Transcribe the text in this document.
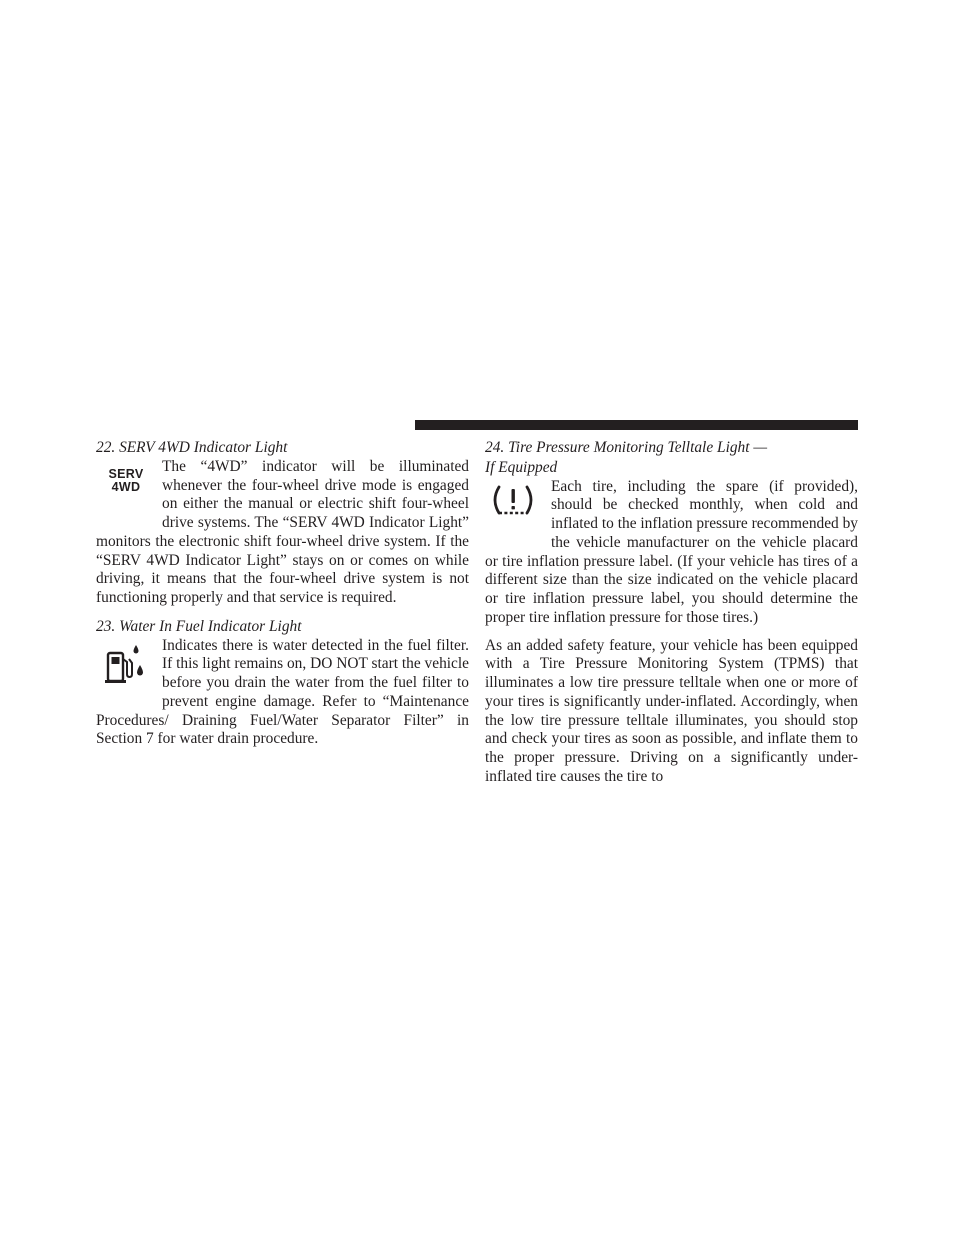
22. SERV 4WD Indicator Light

SERV
4WD

The “4WD” indicator will be illuminated whenever the four-wheel drive mode is engaged on either the manual or electric shift four-wheel drive systems. The “SERV 4WD Indicator Light” monitors the electronic shift four-wheel drive system. If the “SERV 4WD Indicator Light” stays on or comes on while driving, it means that the four-wheel drive system is not functioning properly and that service is required.

23. Water In Fuel Indicator Light

Indicates there is water detected in the fuel filter. If this light remains on, DO NOT start the vehicle before you drain the water from the fuel filter to prevent engine damage. Refer to “Maintenance Procedures/ Draining Fuel/Water Separator Filter” in Section 7 for water drain procedure.

24. Tire Pressure Monitoring Telltale Light —

If Equipped

Each tire, including the spare (if provided), should be checked monthly, when cold and inflated to the inflation pressure recommended by the vehicle manufacturer on the vehicle placard or tire inflation pressure label. (If your vehicle has tires of a different size than the size indicated on the vehicle placard or tire inflation pressure label, you should determine the proper tire inflation pressure for those tires.)

As an added safety feature, your vehicle has been equipped with a Tire Pressure Monitoring System (TPMS) that illuminates a low tire pressure telltale when one or more of your tires is significantly under-inflated. Accordingly, when the low tire pressure telltale illuminates, you should stop and check your tires as soon as possible, and inflate them to the proper pressure. Driving on a significantly under-inflated tire causes the tire to
